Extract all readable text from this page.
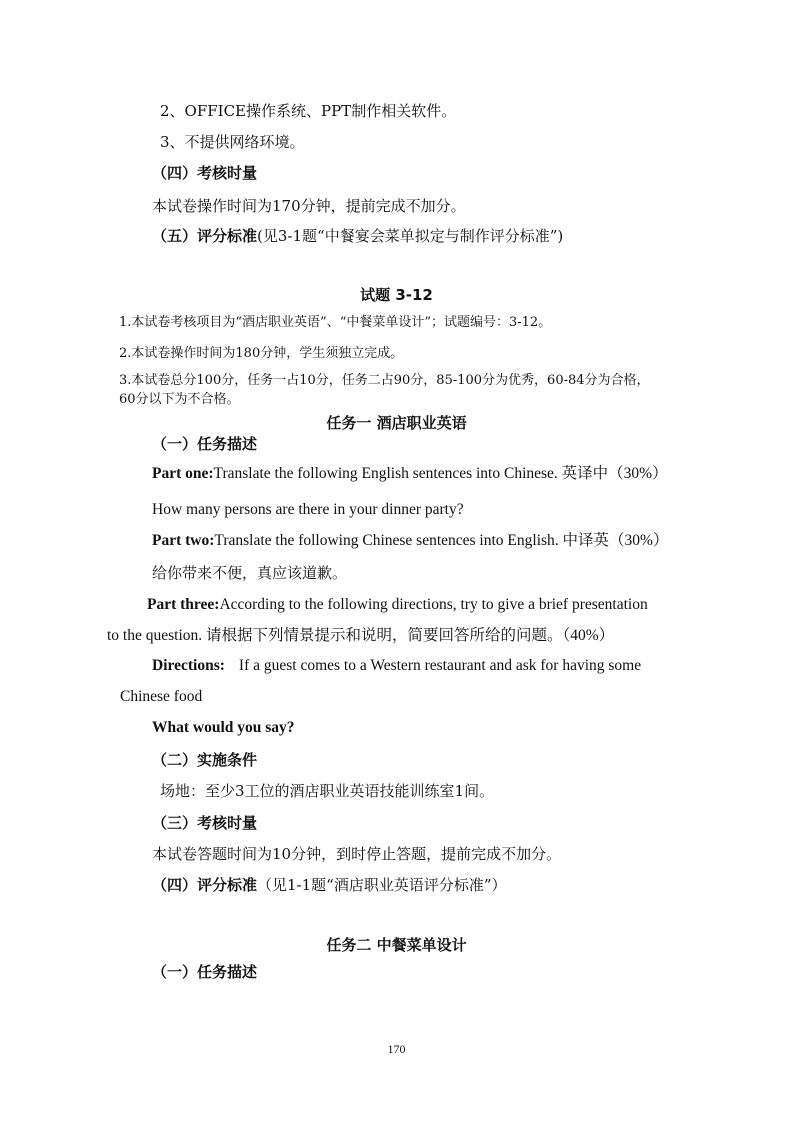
2、OFFICE操作系统、PPT制作相关软件。
3、不提供网络环境。
（四）考核时量
本试卷操作时间为170分钟，提前完成不加分。
（五）评分标准(见3-1题“中餐宴会菜单拟定与制作评分标准”)
试题 3-12
1.本试卷考核项目为“酒店职业英语”、“中餐菜单设计”；试题编号：3-12。
2.本试卷操作时间为180分钟，学生须独立完成。
3.本试卷总分100分，任务一占10分，任务二占90分，85-100分为优秀，60-84分为合格，
60分以下为不合格。
任务一 酒店职业英语
（一）任务描述
Part one:Translate the following English sentences into Chinese. 英译中（30%）
How many persons are there in your dinner party?
Part two:Translate the following Chinese sentences into English. 中译英（30%）
给你带来不便，真应该道歉。
Part three:According to the following directions, try to give a brief presentation
to the question. 请根据下列情景提示和说明，简要回答所给的问题。（40%）
Directions: If a guest comes to a Western restaurant and ask for having some
Chinese food
What would you say?
（二）实施条件
场地：至少3工位的酒店职业英语技能训练室1间。
（三）考核时量
本试卷答题时间为10分钟，到时停止答题，提前完成不加分。
（四）评分标准（见1-1题“酒店职业英语评分标准”）
任务二 中餐菜单设计
（一）任务描述
170
